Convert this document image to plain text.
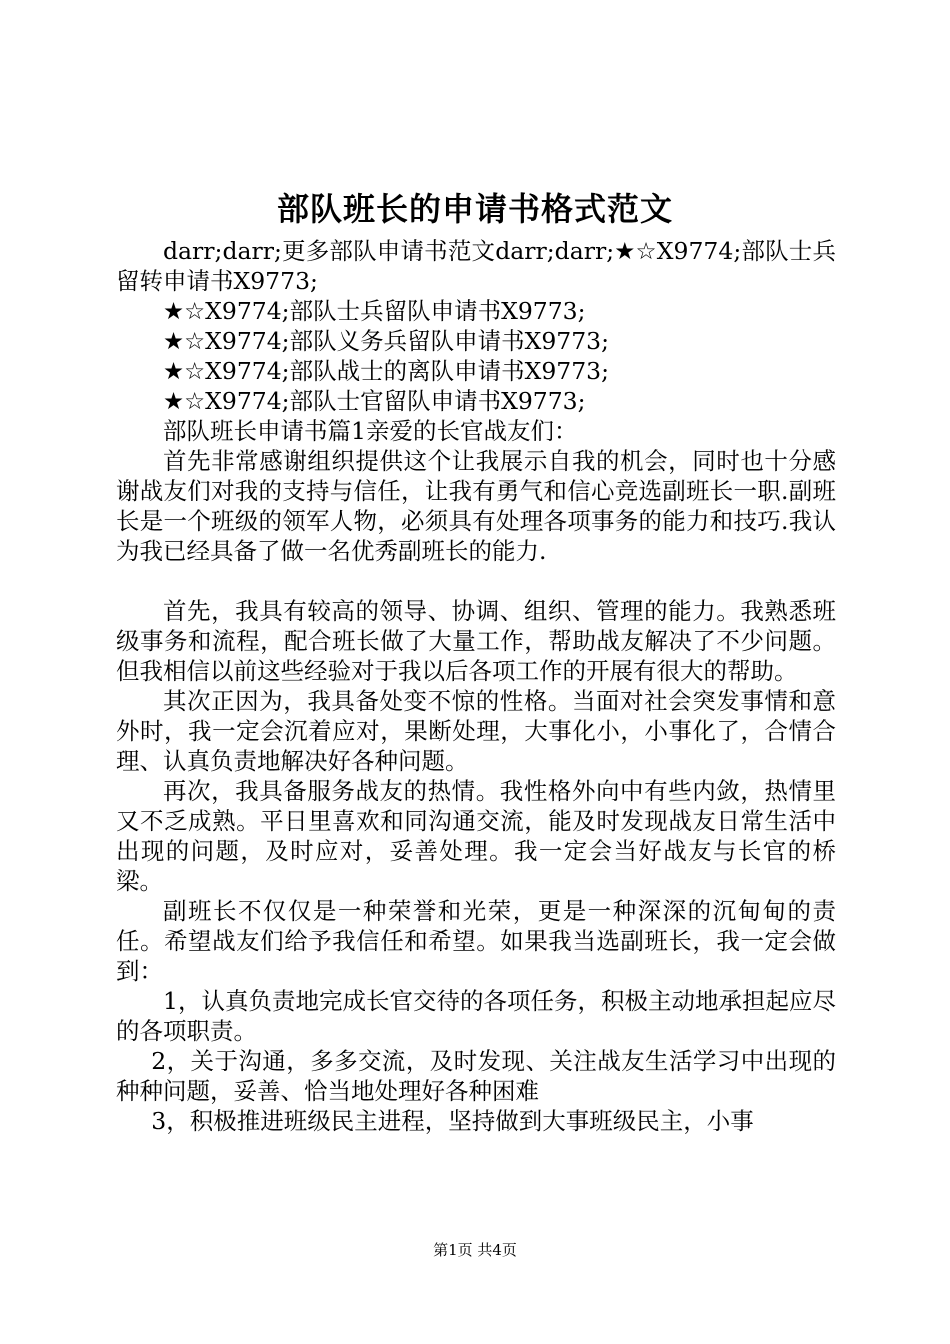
部队班长的申请书格式范文

darr;darr;更多部队申请书范文darr;darr;★☆X9774;部队士兵留转申请书X9773;

★☆X9774;部队士兵留队申请书X9773;

★☆X9774;部队义务兵留队申请书X9773;

★☆X9774;部队战士的离队申请书X9773;

★☆X9774;部队士官留队申请书X9773;

部队班长申请书篇1亲爱的长官战友们：

首先非常感谢组织提供这个让我展示自我的机会，同时也十分感谢战友们对我的支持与信任，让我有勇气和信心竞选副班长一职.副班长是一个班级的领军人物，必须具有处理各项事务的能力和技巧.我认为我已经具备了做一名优秀副班长的能力.

首先，我具有较高的领导、协调、组织、管理的能力。我熟悉班级事务和流程，配合班长做了大量工作，帮助战友解决了不少问题。但我相信以前这些经验对于我以后各项工作的开展有很大的帮助。

其次正因为，我具备处变不惊的性格。当面对社会突发事情和意外时，我一定会沉着应对，果断处理，大事化小，小事化了，合情合理、认真负责地解决好各种问题。

再次，我具备服务战友的热情。我性格外向中有些内敛，热情里又不乏成熟。平日里喜欢和同沟通交流，能及时发现战友日常生活中出现的问题，及时应对，妥善处理。我一定会当好战友与长官的桥梁。

副班长不仅仅是一种荣誉和光荣，更是一种深深的沉甸甸的责任。希望战友们给予我信任和希望。如果我当选副班长，我一定会做到：

1，认真负责地完成长官交待的各项任务，积极主动地承担起应尽的各项职责。

2，关于沟通，多多交流，及时发现、关注战友生活学习中出现的种种问题，妥善、恰当地处理好各种困难

3，积极推进班级民主进程，坚持做到大事班级民主，小事

第1页 共4页
